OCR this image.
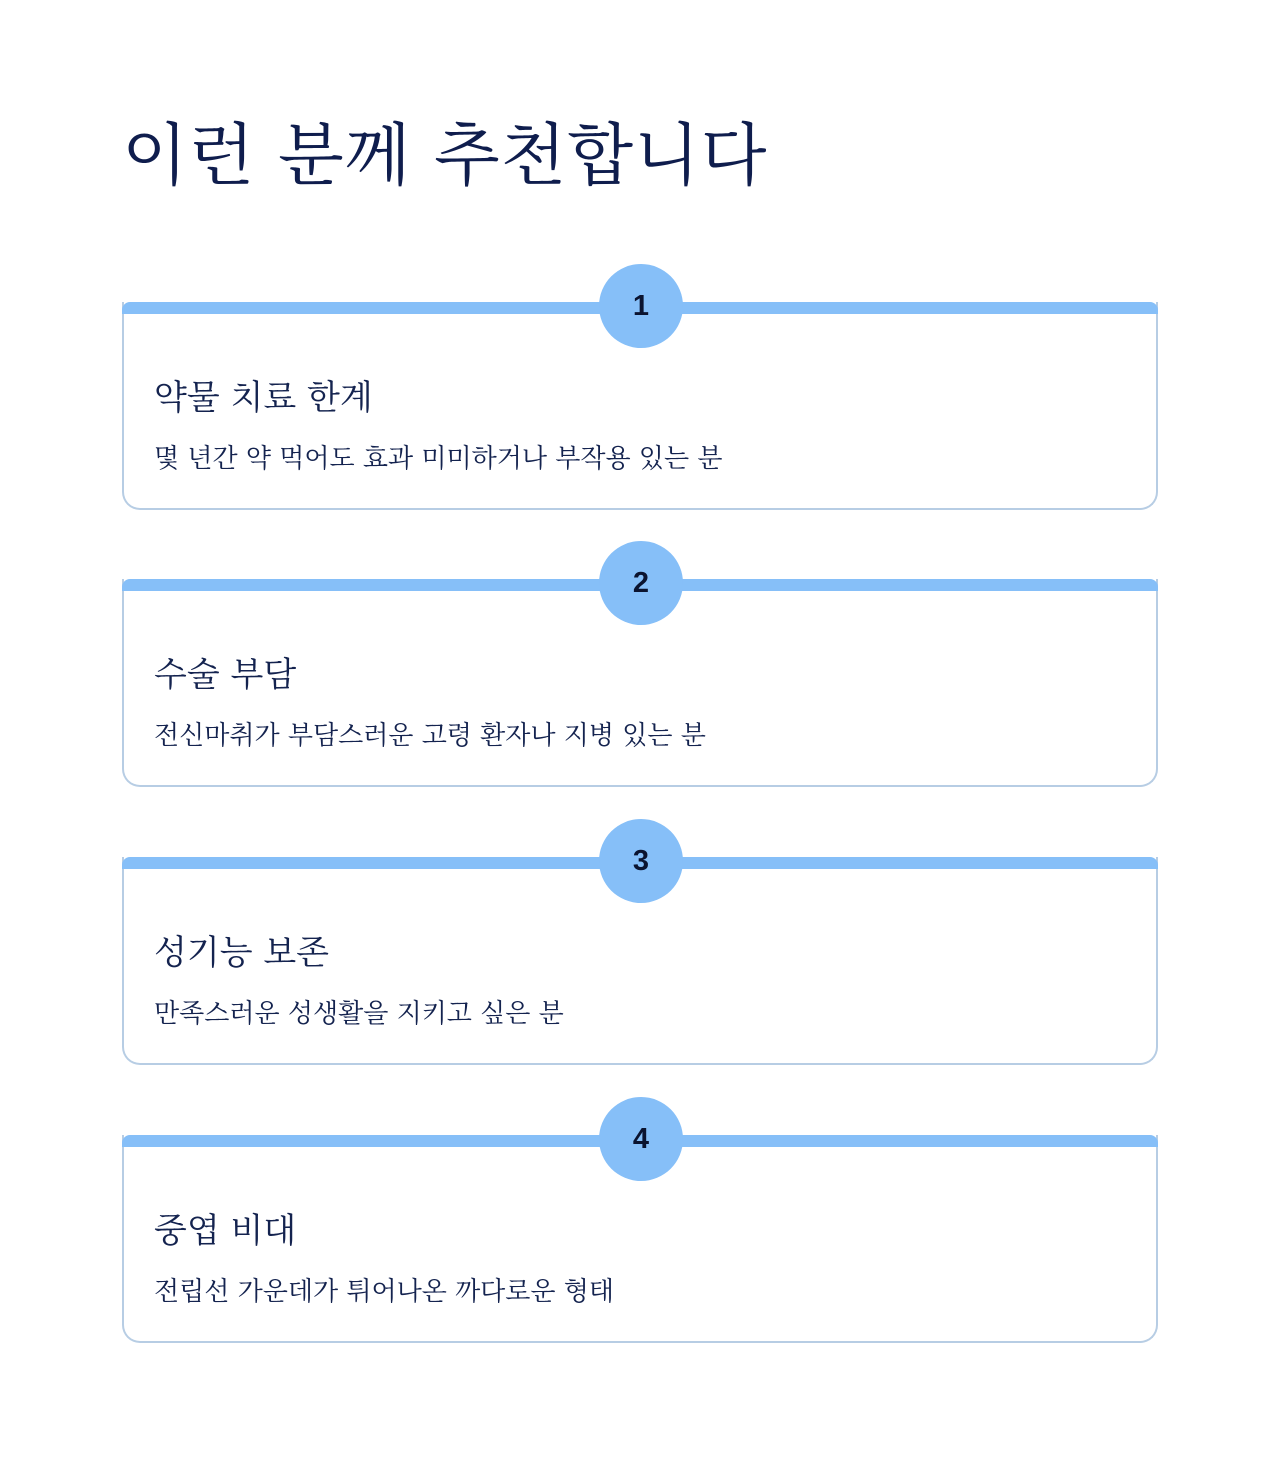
이런 분께 추천합니다
1
약물 치료 한계

몇 년간 약 먹어도 효과 미미하거나 부작용 있는 분

2
수술 부담

전신마취가 부담스러운 고령 환자나 지병 있는 분

3
성기능 보존

만족스러운 성생활을 지키고 싶은 분

4
중엽 비대

전립선 가운데가 튀어나온 까다로운 형태
